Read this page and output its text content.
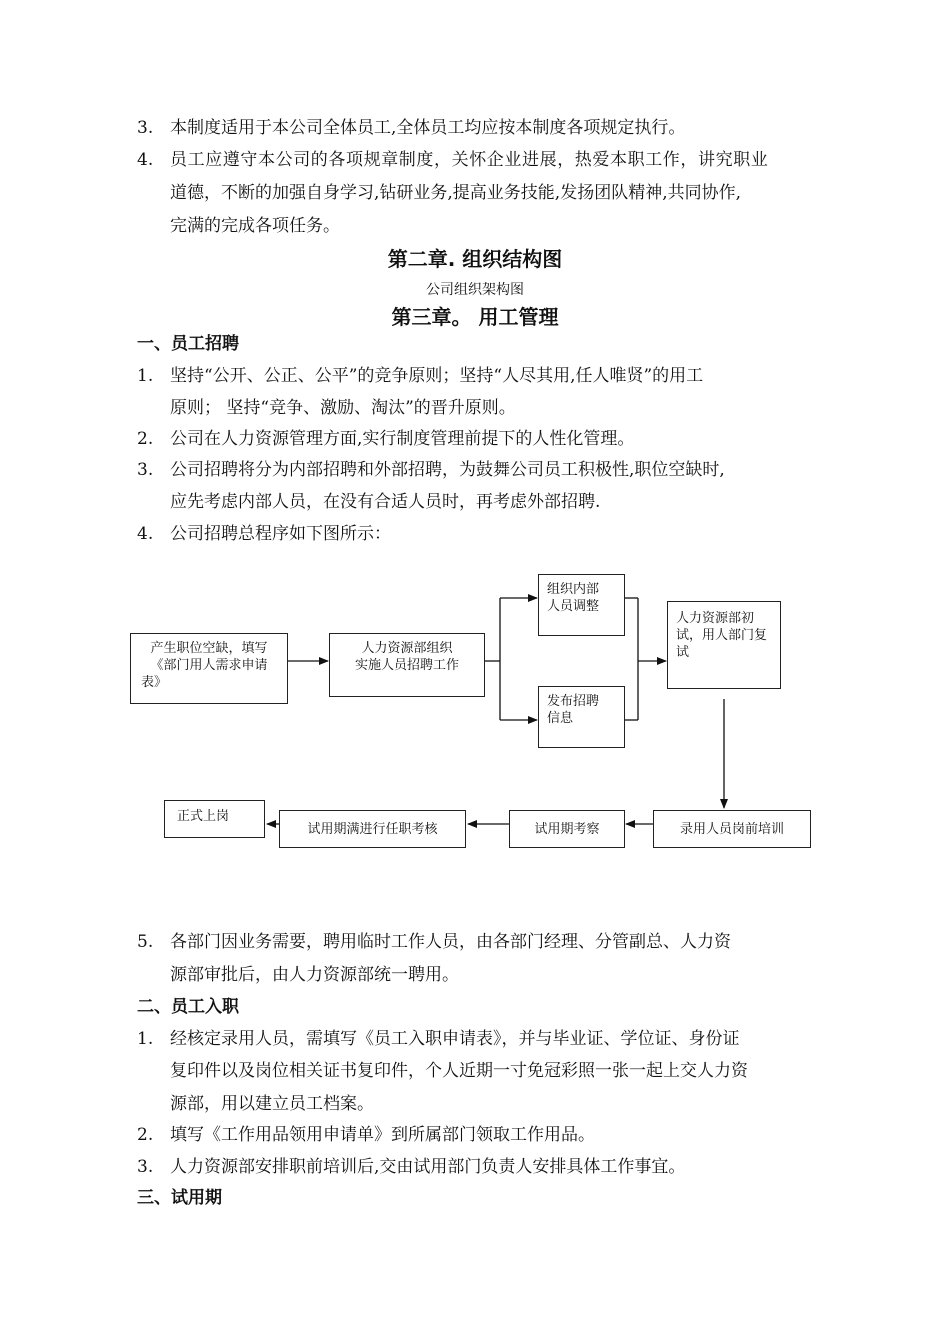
3. 本制度适用于本公司全体员工,全体员工均应按本制度各项规定执行。
4. 员工应遵守本公司的各项规章制度，关怀企业进展，热爱本职工作，讲究职业
道德，不断的加强自身学习,钻研业务,提高业务技能,发扬团队精神,共同协作,
完满的完成各项任务。
第二章. 组织结构图
公司组织架构图
第三章。 用工管理
一、员工招聘
1. 坚持“公开、公正、公平”的竞争原则；坚持“人尽其用,任人唯贤”的用工
原则； 坚持“竞争、激励、淘汰”的晋升原则。
2. 公司在人力资源管理方面,实行制度管理前提下的人性化管理。
3. 公司招聘将分为内部招聘和外部招聘，为鼓舞公司员工积极性,职位空缺时,
应先考虑内部人员，在没有合适人员时，再考虑外部招聘.
4. 公司招聘总程序如下图所示：
产生职位空缺，填写
《部门用人需求申请
表》
人力资源部组织
实施人员招聘工作
组织内部
人员调整
发布招聘
信息
人力资源部初
试，用人部门复
试
录用人员岗前培训
试用期考察
试用期满进行任职考核
正式上岗
5. 各部门因业务需要，聘用临时工作人员，由各部门经理、分管副总、人力资
源部审批后，由人力资源部统一聘用。
二、员工入职
1. 经核定录用人员，需填写《员工入职申请表》，并与毕业证、学位证、身份证
复印件以及岗位相关证书复印件，个人近期一寸免冠彩照一张一起上交人力资
源部，用以建立员工档案。
2. 填写《工作用品领用申请单》到所属部门领取工作用品。
3. 人力资源部安排职前培训后,交由试用部门负责人安排具体工作事宜。
三、试用期
